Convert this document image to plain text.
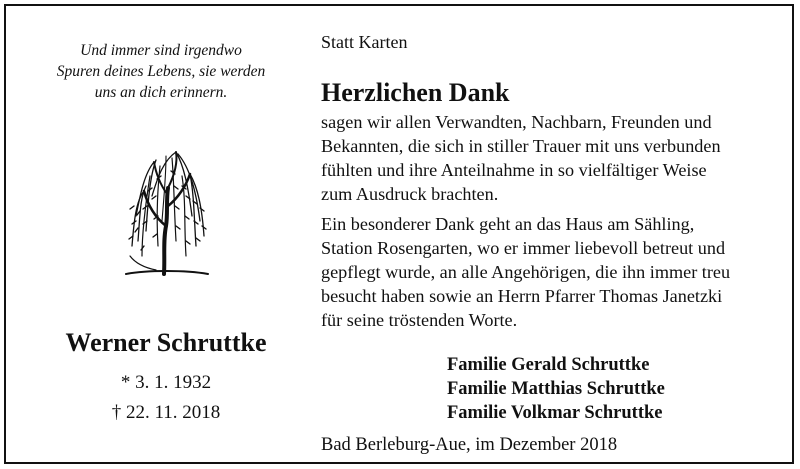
Und immer sind irgendwo
Spuren deines Lebens, sie werden
uns an dich erinnern.
Werner Schruttke
* 3. 1. 1932
† 22. 11. 2018
Statt Karten
Herzlichen Dank
sagen wir allen Verwandten, Nachbarn, Freunden und
Bekannten, die sich in stiller Trauer mit uns verbunden
fühlten und ihre Anteilnahme in so vielfältiger Weise
zum Ausdruck brachten.
Ein besonderer Dank geht an das Haus am Sähling,
Station Rosengarten, wo er immer liebevoll betreut und
gepflegt wurde, an alle Angehörigen, die ihn immer treu
besucht haben sowie an Herrn Pfarrer Thomas Janetzki
für seine tröstenden Worte.
Familie Gerald Schruttke
Familie Matthias Schruttke
Familie Volkmar Schruttke
Bad Berleburg-Aue, im Dezember 2018
